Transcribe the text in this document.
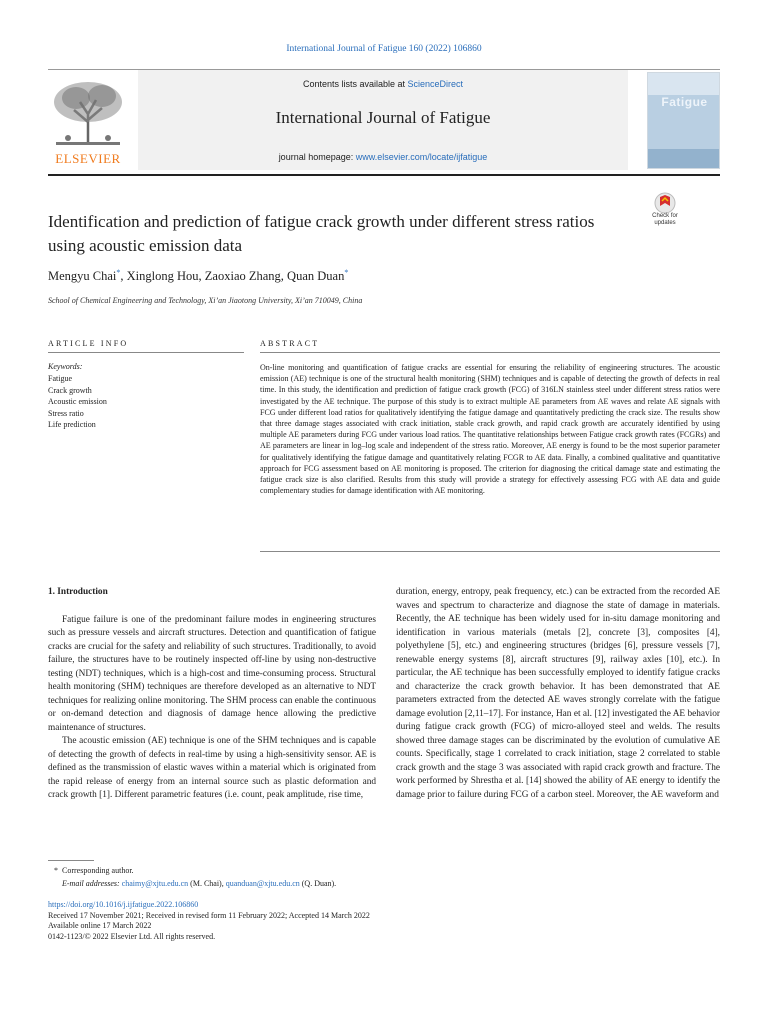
International Journal of Fatigue 160 (2022) 106860
ELSEVIER
Contents lists available at ScienceDirect
International Journal of Fatigue
journal homepage: www.elsevier.com/locate/ijfatigue
Fatigue
Identification and prediction of fatigue crack growth under different stress ratios using acoustic emission data
Check for updates
Mengyu Chai*, Xinglong Hou, Zaoxiao Zhang, Quan Duan*
School of Chemical Engineering and Technology, Xi’an Jiaotong University, Xi’an 710049, China
ARTICLE INFO
Keywords:
Fatigue
Crack growth
Acoustic emission
Stress ratio
Life prediction
ABSTRACT
On-line monitoring and quantification of fatigue cracks are essential for ensuring the reliability of engineering structures. The acoustic emission (AE) technique is one of the structural health monitoring (SHM) techniques and is capable of detecting the growth of defects in real time. In this study, the identification and prediction of fatigue crack growth (FCG) of 316LN stainless steel under different stress ratios were investigated by the AE technique. The purpose of this study is to extract multiple AE parameters from AE waves and relate AE signals with FCG under different load ratios for qualitatively identifying the fatigue damage and quantitatively predicting the crack size. The results show that three damage stages associated with crack initiation, stable crack growth, and rapid crack growth are accurately identified by using multiple AE parameters during FCG under various load ratios. The quantitative relationships between Fatigue crack growth rates (FCGRs) and AE parameters are linear in log–log scale and independent of the stress ratio. Moreover, AE energy is found to be the most superior parameter for qualitatively identifying the fatigue damage and quantitatively relating FCGR to AE data. Finally, a combined qualitative and quantitative approach for FCG assessment based on AE monitoring is proposed. The criterion for diagnosing the critical damage state and estimating the fatigue crack size is also clarified. Results from this study will provide a strategy for effectively assessing FCG with AE data and guide complementary studies for damage identification with AE monitoring.

1. Introduction

Fatigue failure is one of the predominant failure modes in engineering structures such as pressure vessels and aircraft structures. Detection and quantification of fatigue cracks are crucial for the safety and reliability of such structures. Traditionally, to avoid failure, the structures have to be routinely inspected off-line by using non-destructive testing (NDT) techniques, which is a high-cost and time-consuming process. Structural health monitoring (SHM) techniques are therefore developed as an alternative to NDT techniques for realizing online monitoring. The SHM process can enable the continuous or on-demand detection and diagnosis of damage hence allowing the predictive maintenance of structures.

The acoustic emission (AE) technique is one of the SHM techniques and is capable of detecting the growth of defects in real-time by using a high-sensitivity sensor. AE is defined as the transmission of elastic waves within a material which is originated from the rapid release of energy from an internal source such as plastic deformation and crack growth [1]. Different parametric features (i.e. count, peak amplitude, rise time,

duration, energy, entropy, peak frequency, etc.) can be extracted from the recorded AE waves and spectrum to characterize and diagnose the state of damage in materials. Recently, the AE technique has been widely used for in-situ damage monitoring and identification in various materials (metals [2], concrete [3], composites [4], polyethylene [5], etc.) and engineering structures (bridges [6], pressure vessels [7], renewable energy systems [8], aircraft structures [9], railway axles [10], etc.). In particular, the AE technique has been successfully employed to identify fatigue cracks and characterize the crack growth behavior. It has been demonstrated that AE parameters extracted from the detected AE waves strongly correlate with the fatigue damage evolution [2,11–17]. For instance, Han et al. [12] investigated the AE behavior during fatigue crack growth (FCG) of micro-alloyed steel and welds. The results showed three damage stages can be discriminated by the evolution of cumulative AE counts. Specifically, stage 1 correlated to crack initiation, stage 2 correlated to stable crack growth and the stage 3 was associated with rapid crack growth and fracture. The work performed by Shrestha et al. [14] showed the ability of AE energy to identify the damage prior to failure during FCG of a carbon steel. Moreover, the AE waveform and

* Corresponding author.
E-mail addresses: chaimy@xjtu.edu.cn (M. Chai), quanduan@xjtu.edu.cn (Q. Duan).
https://doi.org/10.1016/j.ijfatigue.2022.106860
Received 17 November 2021; Received in revised form 11 February 2022; Accepted 14 March 2022
Available online 17 March 2022
0142-1123/© 2022 Elsevier Ltd. All rights reserved.
